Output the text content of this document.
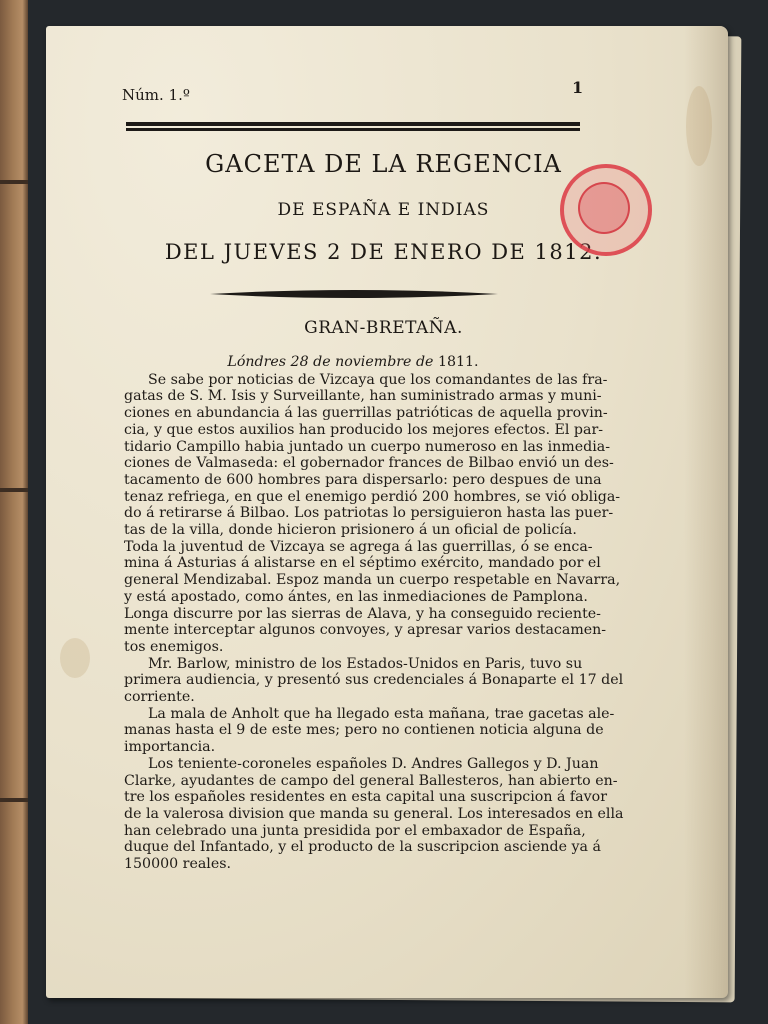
Núm. 1.º	1
GACETA DE LA REGENCIA
DE ESPAÑA E INDIAS
DEL JUEVES 2 DE ENERO DE 1812.
GRAN-BRETAÑA.
Lóndres 28 de noviembre de 1811.
Se sabe por noticias de Vizcaya que los comandantes de las fra-
gatas de S. M. Isis y Surveillante, han suministrado armas y muni-
ciones en abundancia á las guerrillas patrióticas de aquella provin-
cia, y que estos auxilios han producido los mejores efectos. El par-
tidario Campillo habia juntado un cuerpo numeroso en las inmedia-
ciones de Valmaseda: el gobernador frances de Bilbao envió un des-
tacamento de 600 hombres para dispersarlo: pero despues de una
tenaz refriega, en que el enemigo perdió 200 hombres, se vió obliga-
do á retirarse á Bilbao. Los patriotas lo persiguieron hasta las puer-
tas de la villa, donde hicieron prisionero á un oficial de policía.
Toda la juventud de Vizcaya se agrega á las guerrillas, ó se enca-
mina á Asturias á alistarse en el séptimo exército, mandado por el
general Mendizabal. Espoz manda un cuerpo respetable en Navarra,
y está apostado, como ántes, en las inmediaciones de Pamplona.
Longa discurre por las sierras de Alava, y ha conseguido reciente-
mente interceptar algunos convoyes, y apresar varios destacamen-
tos enemigos.
Mr. Barlow, ministro de los Estados-Unidos en Paris, tuvo su
primera audiencia, y presentó sus credenciales á Bonaparte el 17 del
corriente.
La mala de Anholt que ha llegado esta mañana, trae gacetas ale-
manas hasta el 9 de este mes; pero no contienen noticia alguna de
importancia.
Los teniente-coroneles españoles D. Andres Gallegos y D. Juan
Clarke, ayudantes de campo del general Ballesteros, han abierto en-
tre los españoles residentes en esta capital una suscripcion á favor
de la valerosa division que manda su general. Los interesados en ella
han celebrado una junta presidida por el embaxador de España,
duque del Infantado, y el producto de la suscripcion asciende ya á
150000 reales.
